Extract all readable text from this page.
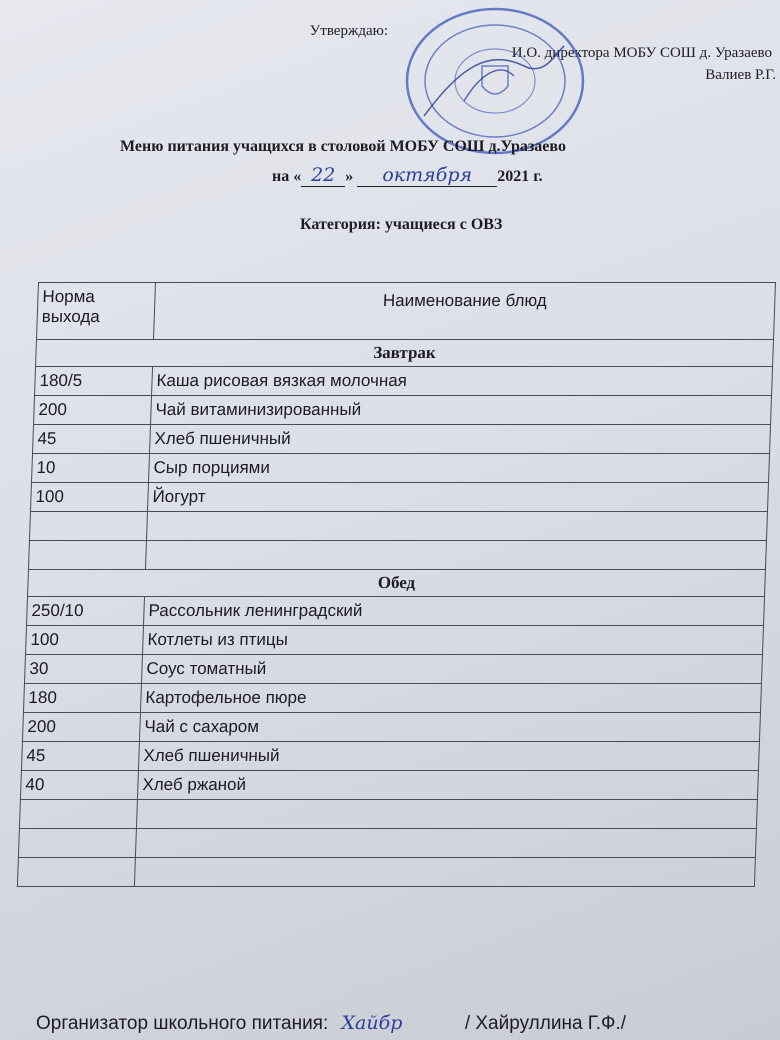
Утверждаю:
И.О. директора МОБУ СОШ д. Уразаево
Валиев Р.Г.
Меню питания учащихся в столовой МОБУ СОШ д.Уразаево
на « 22 » октября 2021 г.
Категория: учащиеся с ОВЗ
Норма выхода	Наименование блюд
Завтрак	
180/5	Каша рисовая вязкая молочная
200	Чай витаминизированный
45	Хлеб пшеничный
10	Сыр порциями
100	Йогурт

Обед	
250/10	Рассольник ленинградский
100	Котлеты из птицы
30	Соус томатный
180	Картофельное пюре
200	Чай с сахаром
45	Хлеб пшеничный
40	Хлеб ржаной

Организатор школьного питания: Хайбр	/ Хайруллина Г.Ф./
